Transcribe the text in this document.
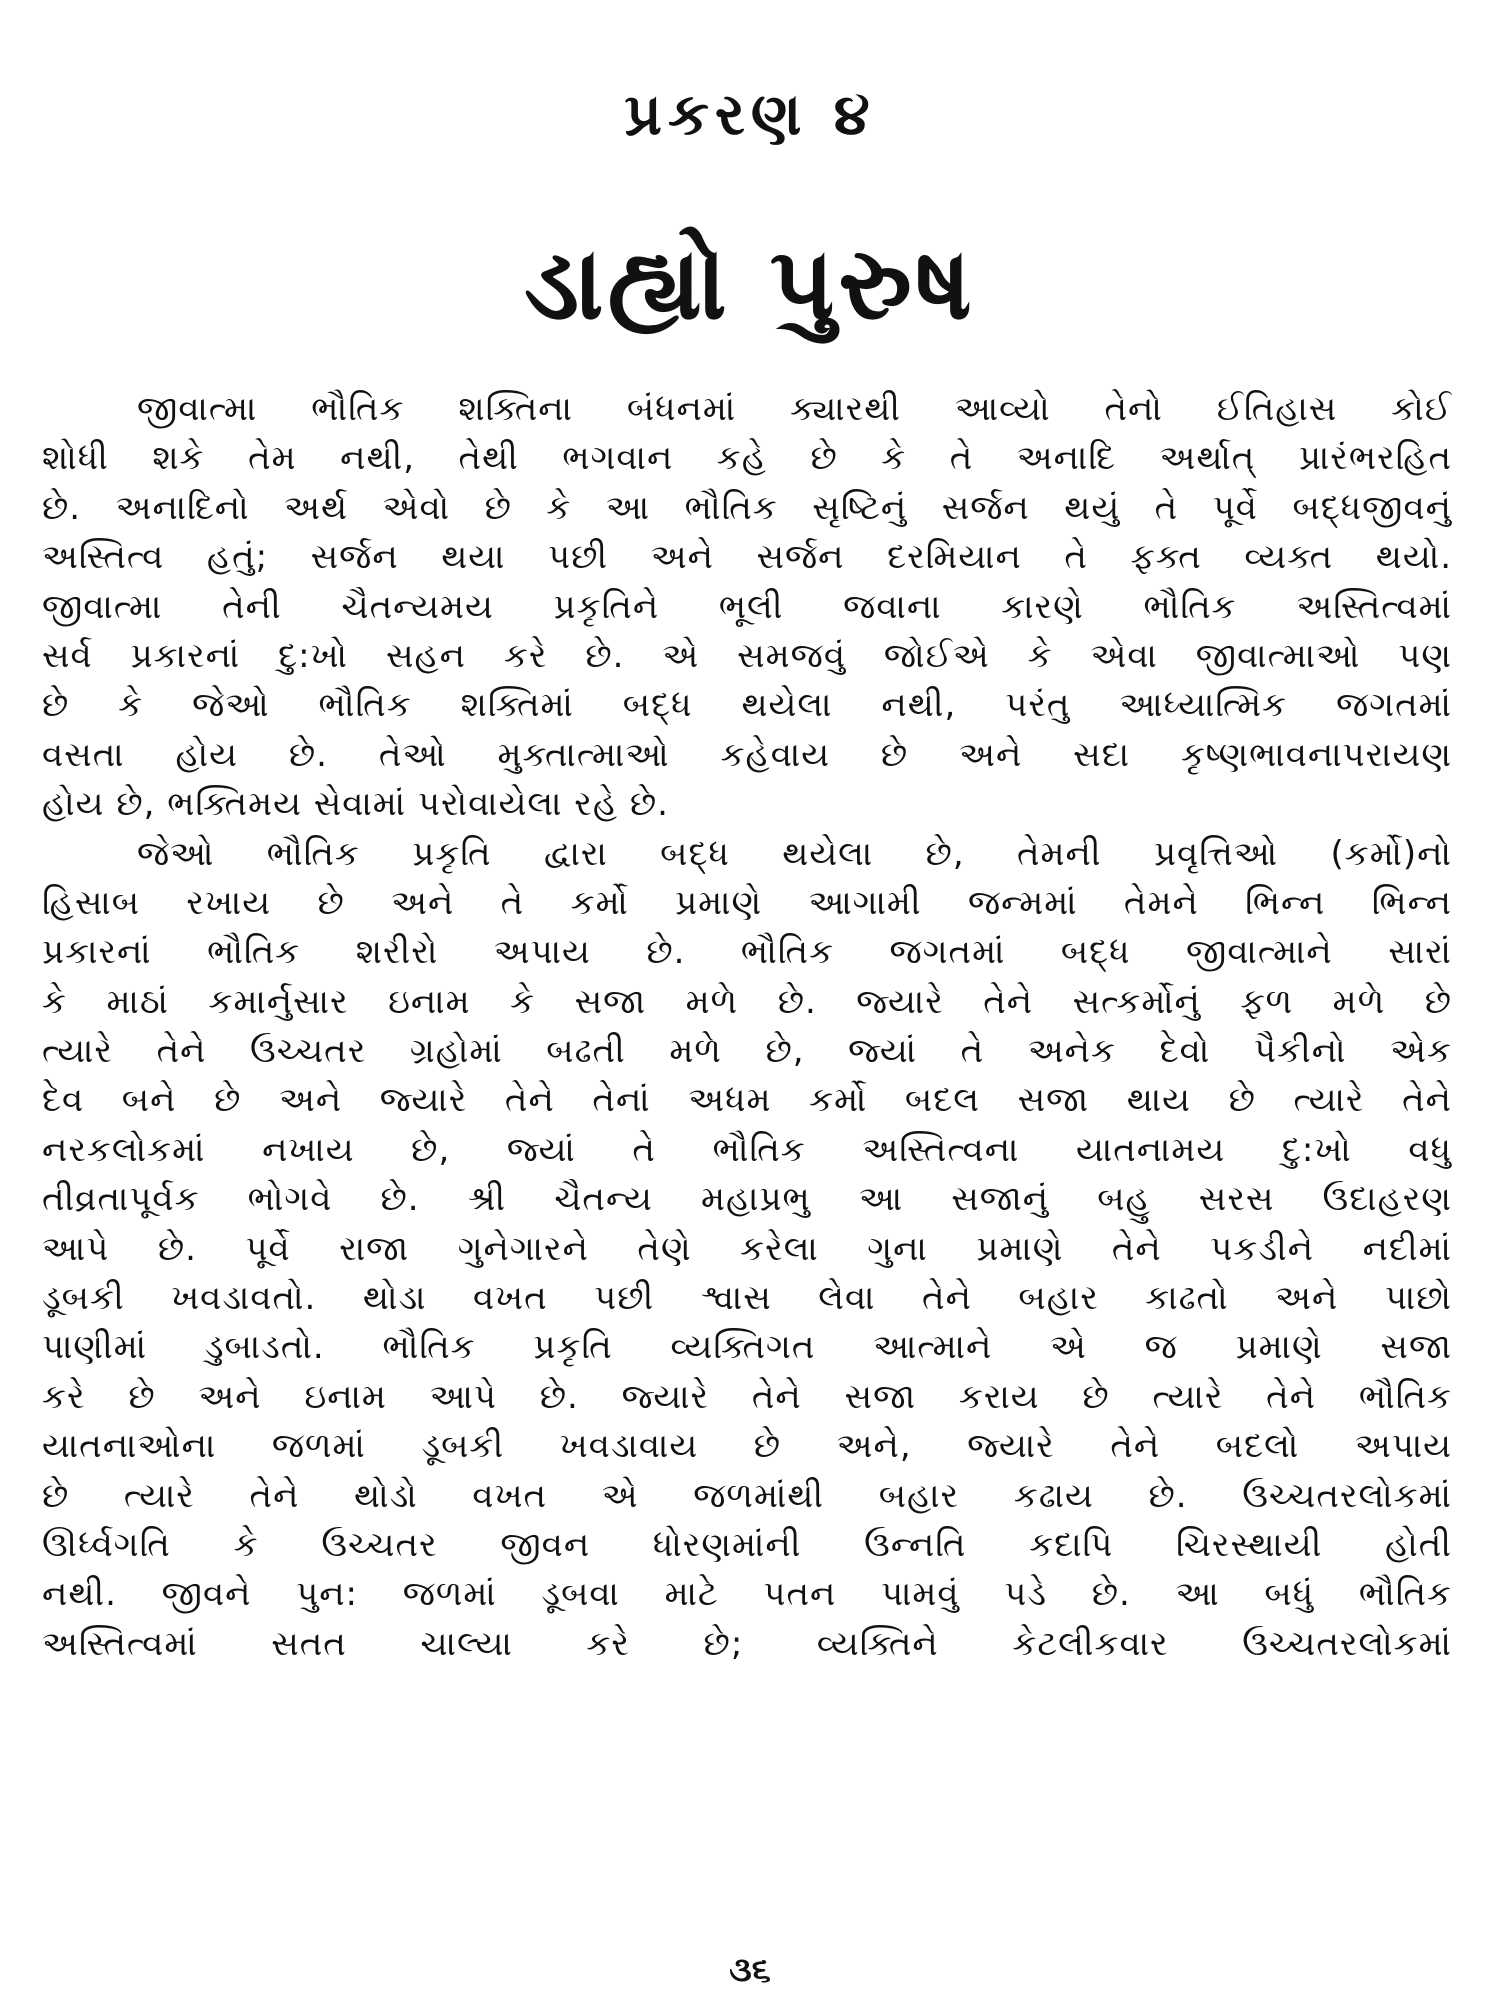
પ્રકરણ ૪
ડાહ્યો પુરુષ
જીવાત્મા ભૌતિક શક્તિના બંધનમાં ક્યારથી આવ્યો તેનો ઈતિહાસ કોઈ
શોધી શકે તેમ નથી, તેથી ભગવાન કહે છે કે તે અનાદિ અર્થાત્ પ્રારંભરહિત
છે. અનાદિનો અર્થ એવો છે કે આ ભૌતિક સૃષ્ટિનું સર્જન થયું તે પૂર્વે બદ્ધજીવનું
અસ્તિત્વ હતું; સર્જન થયા પછી અને સર્જન દરમિયાન તે ફક્ત વ્યક્ત થયો.
જીવાત્મા તેની ચૈતન્યમય પ્રકૃતિને ભૂલી જવાના કારણે ભૌતિક અસ્તિત્વમાં
સર્વ પ્રકારનાં દુ:ખો સહન કરે છે. એ સમજવું જોઈએ કે એવા જીવાત્માઓ પણ
છે કે જેઓ ભૌતિક શક્તિમાં બદ્ધ થયેલા નથી, પરંતુ આધ્યાત્મિક જગતમાં
વસતા હોય છે. તેઓ મુક્તાત્માઓ કહેવાય છે અને સદા કૃષ્ણભાવનાપરાયણ
હોય છે, ભક્તિમય સેવામાં પરોવાયેલા રહે છે.
જેઓ ભૌતિક પ્રકૃતિ દ્વારા બદ્ધ થયેલા છે, તેમની પ્રવૃત્તિઓ (કર્મો)નો
હિસાબ રખાય છે અને તે કર્મો પ્રમાણે આગામી જન્મમાં તેમને ભિન્ન ભિન્ન
પ્રકારનાં ભૌતિક શરીરો અપાય છે. ભૌતિક જગતમાં બદ્ધ જીવાત્માને સારાં
કે માઠાં કમાર્નુસાર ઇનામ કે સજા મળે છે. જ્યારે તેને સત્કર્મોનું ફળ મળે છે
ત્યારે તેને ઉચ્ચતર ગ્રહોમાં બઢતી મળે છે, જ્યાં તે અનેક દેવો પૈકીનો એક
દેવ બને છે અને જ્યારે તેને તેનાં અધમ કર્મો બદલ સજા થાય છે ત્યારે તેને
નરકલોકમાં નખાય છે, જ્યાં તે ભૌતિક અસ્તિત્વના યાતનામય દુ:ખો વધુ
તીવ્રતાપૂર્વક ભોગવે છે. શ્રી ચૈતન્ય મહાપ્રભુ આ સજાનું બહુ સરસ ઉદાહરણ
આપે છે. પૂર્વે રાજા ગુનેગારને તેણે કરેલા ગુના પ્રમાણે તેને પકડીને નદીમાં
ડૂબકી ખવડાવતો. થોડા વખત પછી શ્વાસ લેવા તેને બહાર કાઢતો અને પાછો
પાણીમાં ડુબાડતો. ભૌતિક પ્રકૃતિ વ્યક્તિગત આત્માને એ જ પ્રમાણે સજા
કરે છે અને ઇનામ આપે છે. જ્યારે તેને સજા કરાય છે ત્યારે તેને ભૌતિક
યાતનાઓના જળમાં ડૂબકી ખવડાવાય છે અને, જ્યારે તેને બદલો અપાય
છે ત્યારે તેને થોડો વખત એ જળમાંથી બહાર કઢાય છે. ઉચ્ચતરલોકમાં
ઊર્ધ્વગતિ કે ઉચ્ચતર જીવન ધોરણમાંની ઉન્નતિ કદાપિ ચિરસ્થાયી હોતી
નથી. જીવને પુન: જળમાં ડૂબવા માટે પતન પામવું પડે છે. આ બધું ભૌતિક
અસ્તિત્વમાં સતત ચાલ્યા કરે છે; વ્યક્તિને કેટલીકવાર ઉચ્ચતરલોકમાં
૩૬
